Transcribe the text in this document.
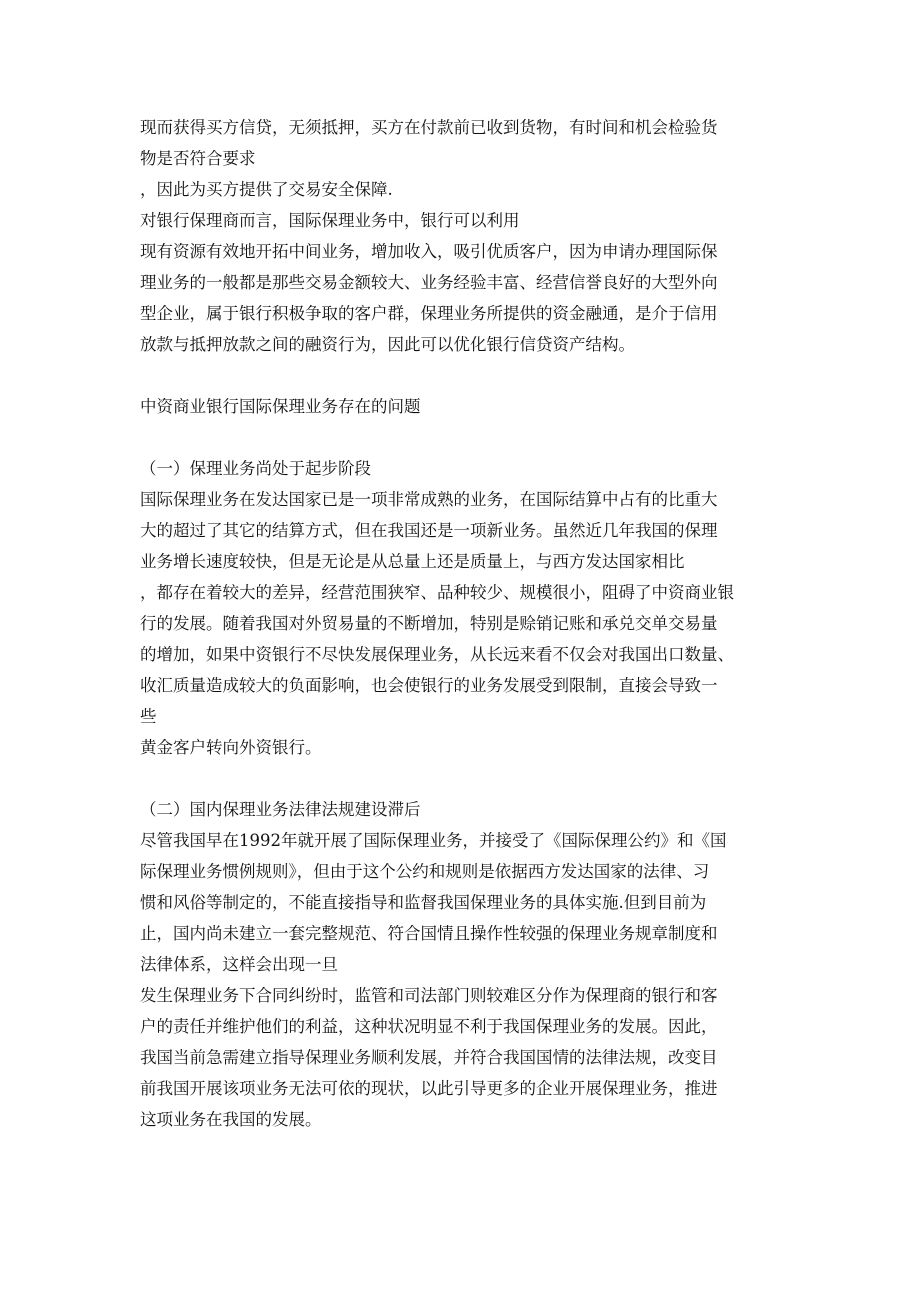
现而获得买方信贷，无须抵押，买方在付款前已收到货物，有时间和机会检验货
物是否符合要求
，因此为买方提供了交易安全保障.
对银行保理商而言，国际保理业务中，银行可以利用
现有资源有效地开拓中间业务，增加收入，吸引优质客户，因为申请办理国际保
理业务的一般都是那些交易金额较大、业务经验丰富、经营信誉良好的大型外向
型企业，属于银行积极争取的客户群，保理业务所提供的资金融通，是介于信用
放款与抵押放款之间的融资行为，因此可以优化银行信贷资产结构。
中资商业银行国际保理业务存在的问题
（一）保理业务尚处于起步阶段
国际保理业务在发达国家已是一项非常成熟的业务，在国际结算中占有的比重大
大的超过了其它的结算方式，但在我国还是一项新业务。虽然近几年我国的保理
业务增长速度较快，但是无论是从总量上还是质量上，与西方发达国家相比
，都存在着较大的差异，经营范围狭窄、品种较少、规模很小，阻碍了中资商业银
行的发展。随着我国对外贸易量的不断增加，特别是赊销记账和承兑交单交易量
的增加，如果中资银行不尽快发展保理业务，从长远来看不仅会对我国出口数量、
收汇质量造成较大的负面影响，也会使银行的业务发展受到限制，直接会导致一
些
黄金客户转向外资银行。
（二）国内保理业务法律法规建设滞后
尽管我国早在1992年就开展了国际保理业务，并接受了《国际保理公约》和《国
际保理业务惯例规则》，但由于这个公约和规则是依据西方发达国家的法律、习
惯和风俗等制定的，不能直接指导和监督我国保理业务的具体实施.但到目前为
止，国内尚未建立一套完整规范、符合国情且操作性较强的保理业务规章制度和
法律体系，这样会出现一旦
发生保理业务下合同纠纷时，监管和司法部门则较难区分作为保理商的银行和客
户的责任并维护他们的利益，这种状况明显不利于我国保理业务的发展。因此，
我国当前急需建立指导保理业务顺利发展，并符合我国国情的法律法规，改变目
前我国开展该项业务无法可依的现状，以此引导更多的企业开展保理业务，推进
这项业务在我国的发展。
